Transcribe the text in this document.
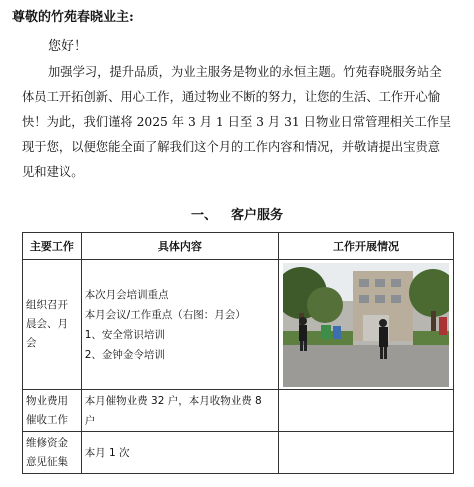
尊敬的竹苑春晓业主:
您好！
加强学习，提升品质，为业主服务是物业的永恒主题。竹苑春晓服务站全体员工开拓创新、用心工作，通过物业不断的努力，让您的生活、工作开心愉快！为此，我们谨将 2025 年 3 月 1 日至 3 月 31 日物业日常管理相关工作呈现于您，以便您能全面了解我们这个月的工作内容和情况，并敬请提出宝贵意见和建议。
一、 客户服务
主要工作	具体内容	工作开展情况
组织召开晨会、月会	本次月会培训重点
本月会议/工作重点（右图：月会）
1、安全常识培训
2、金钟金令培训

物业费用催收工作	本月催物业费 32 户，本月收物业费 8 户	
维修资金意见征集	本月 1 次	
